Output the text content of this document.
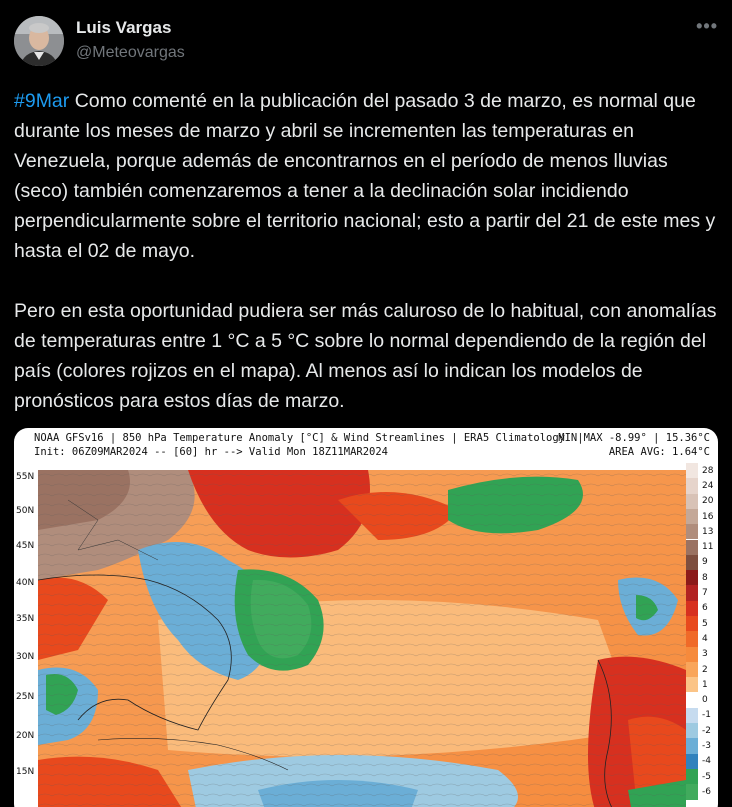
Luis Vargas
@Meteovargas
•••
#9Mar Como comenté en la publicación del pasado 3 de marzo, es normal que durante los meses de marzo y abril se incrementen las temperaturas en Venezuela, porque además de encontrarnos en el período de menos lluvias (seco) también comenzaremos a tener a la declinación solar incidiendo perpendicularmente sobre el territorio nacional; esto a partir del 21 de este mes y hasta el 02 de mayo.

Pero en esta oportunidad pudiera ser más caluroso de lo habitual, con anomalías de temperaturas entre 1 °C a 5 °C sobre lo normal dependiendo de la región del país (colores rojizos en el mapa). Al menos así lo indican los modelos de pronósticos para estos días de marzo.
NOAA GFSv16 | 850 hPa Temperature Anomaly [°C] & Wind Streamlines | ERA5 Climatology
Init: 06Z09MAR2024 -- [60] hr --> Valid Mon 18Z11MAR2024
MIN|MAX -8.99° | 15.36°C
AREA AVG: 1.64°C
55N
50N
45N
40N
35N
30N
25N
20N
15N
28
24
20
16
13
11
9
8
7
6
5
4
3
2
1
0
-1
-2
-3
-4
-5
-6
